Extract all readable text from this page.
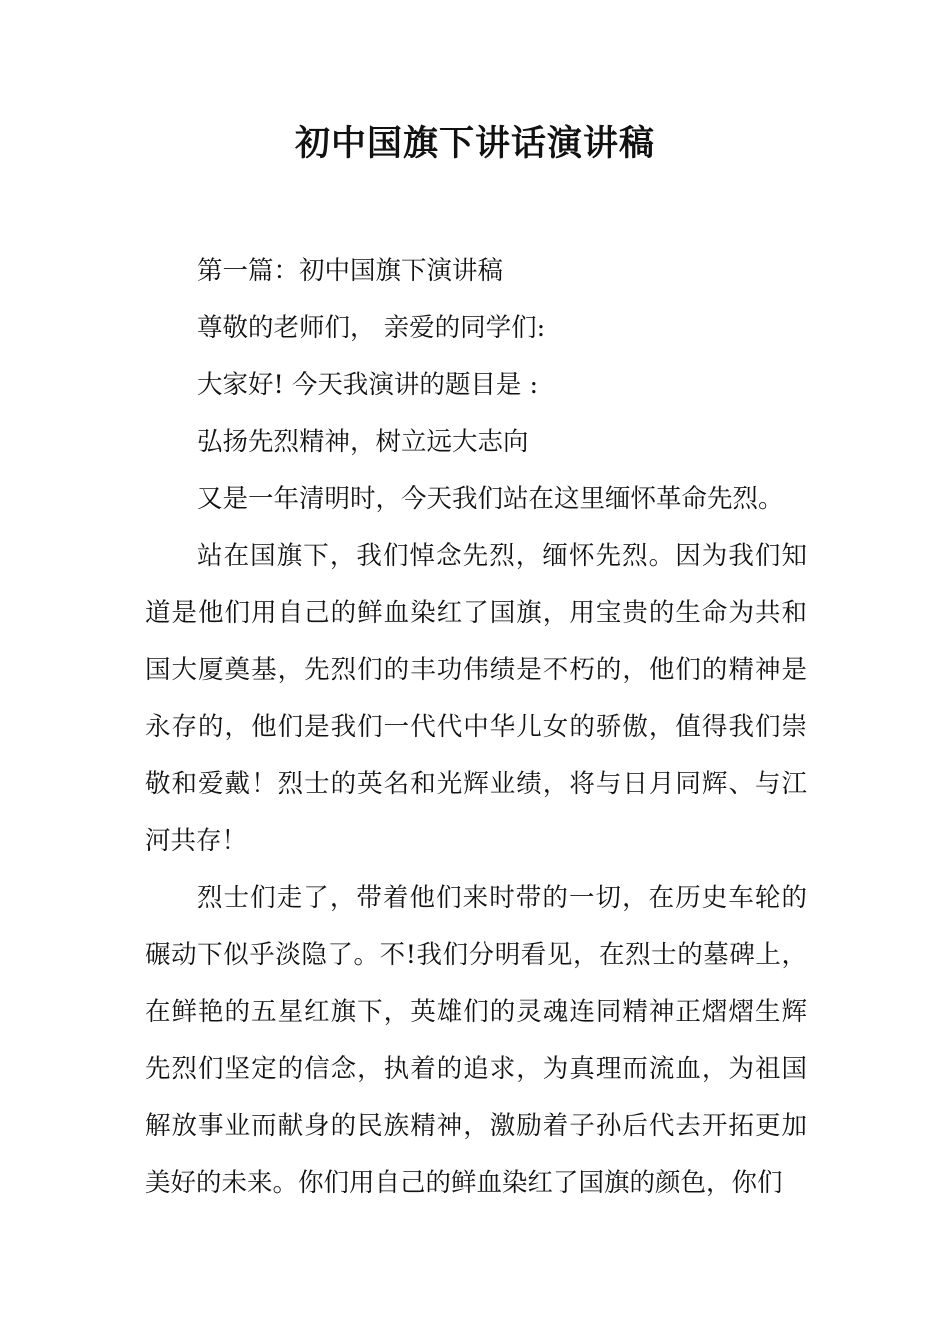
初中国旗下讲话演讲稿

第一篇：初中国旗下演讲稿

尊敬的老师们， 亲爱的同学们:

大家好! 今天我演讲的题目是 :

弘扬先烈精神，树立远大志向

又是一年清明时，今天我们站在这里缅怀革命先烈。

站在国旗下，我们悼念先烈，缅怀先烈。因为我们知道是他们用自己的鲜血染红了国旗，用宝贵的生命为共和国大厦奠基，先烈们的丰功伟绩是不朽的，他们的精神是永存的，他们是我们一代代中华儿女的骄傲，值得我们崇敬和爱戴！烈士的英名和光辉业绩，将与日月同辉、与江河共存！

烈士们走了，带着他们来时带的一切，在历史车轮的碾动下似乎淡隐了。不!我们分明看见，在烈士的墓碑上，在鲜艳的五星红旗下，英雄们的灵魂连同精神正熠熠生辉先烈们坚定的信念，执着的追求，为真理而流血，为祖国解放事业而献身的民族精神，激励着子孙后代去开拓更加美好的未来。你们用自己的鲜血染红了国旗的颜色，你们
